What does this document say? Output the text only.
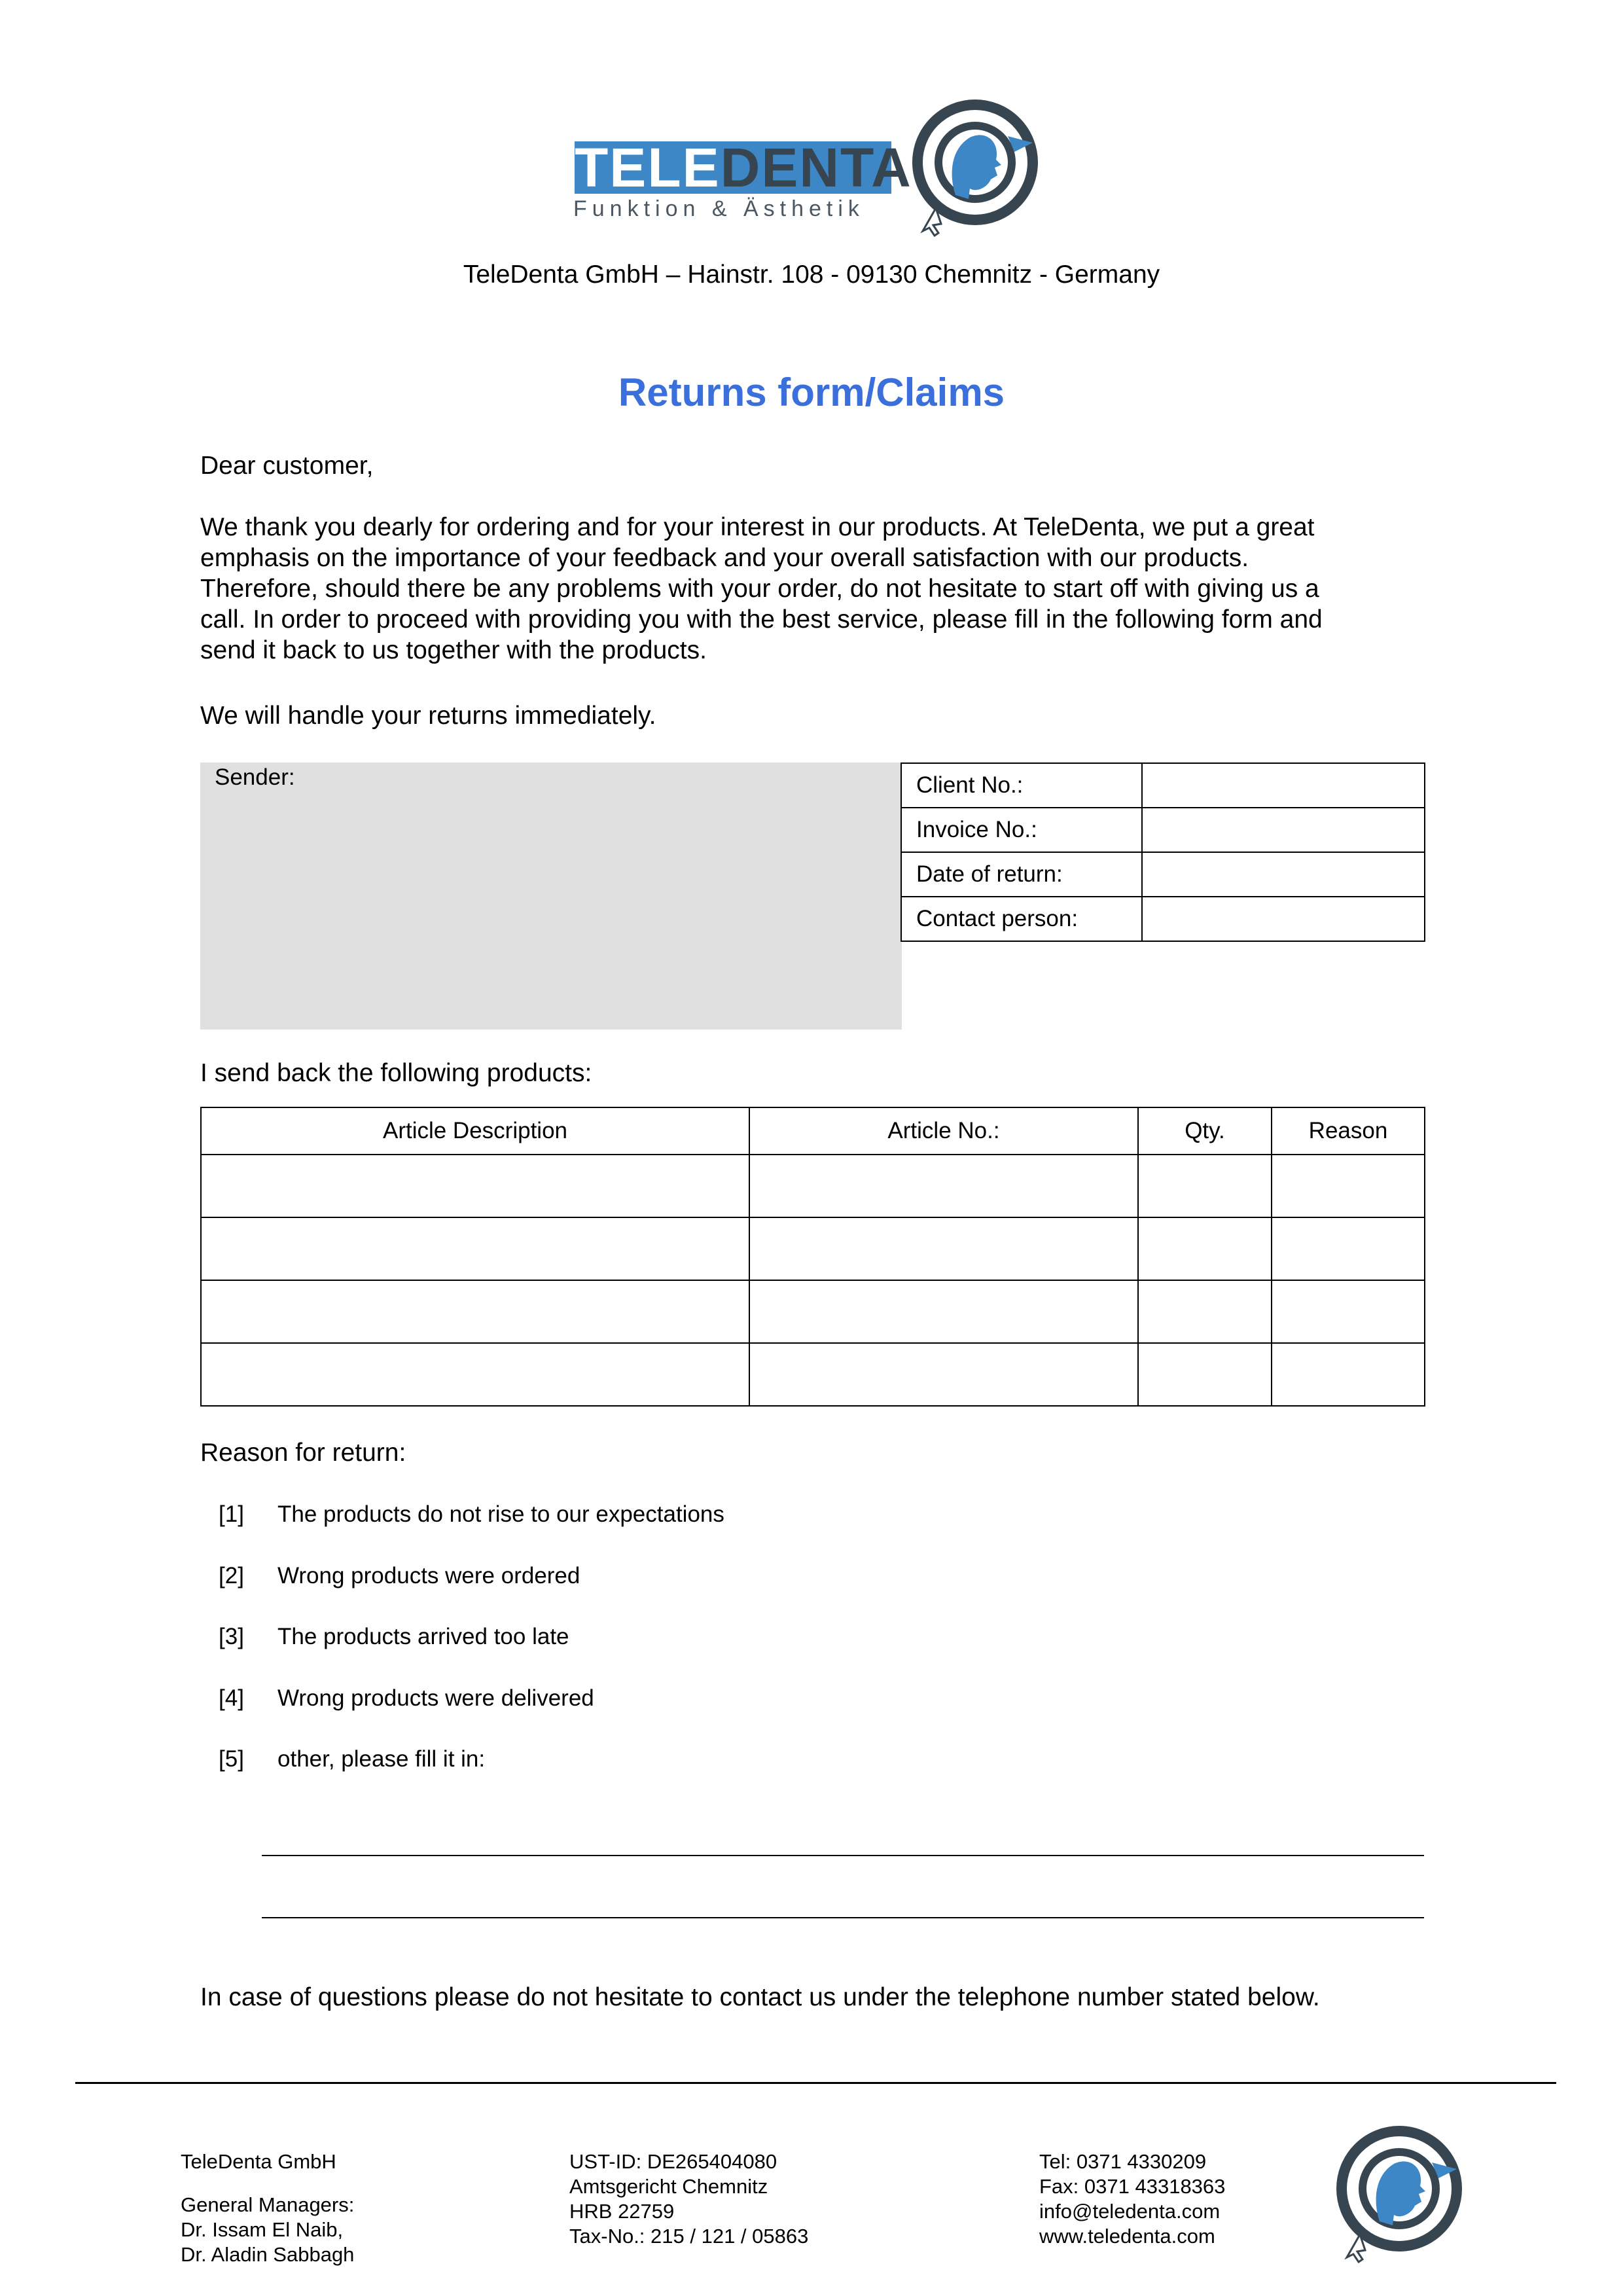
TELEDENTA
Funktion & Ästhetik
TeleDenta GmbH – Hainstr. 108 - 09130 Chemnitz - Germany
Returns form/Claims
Dear customer,
We thank you dearly for ordering and for your interest in our products. At TeleDenta, we put a great
emphasis on the importance of your feedback and your overall satisfaction with our products.
Therefore, should there be any problems with your order, do not hesitate to start off with giving us a
call. In order to proceed with providing you with the best service, please fill in the following form and
send it back to us together with the products.
We will handle your returns immediately.
Sender:	Client No.:	
Invoice No.:	
Date of return:	
Contact person:	
I send back the following products:
Article Description	Article No.:	Qty.	Reason

Reason for return:
[1] The products do not rise to our expectations
[2] Wrong products were ordered
[3] The products arrived too late
[4] Wrong products were delivered
[5] other, please fill it in:
In case of questions please do not hesitate to contact us under the telephone number stated below.
TeleDenta GmbH
General Managers:
Dr. Issam El Naib,
Dr. Aladin Sabbagh
UST-ID: DE265404080
Amtsgericht Chemnitz
HRB 22759
Tax-No.: 215 / 121 / 05863
Tel: 0371 4330209
Fax: 0371 43318363
info@teledenta.com
www.teledenta.com
